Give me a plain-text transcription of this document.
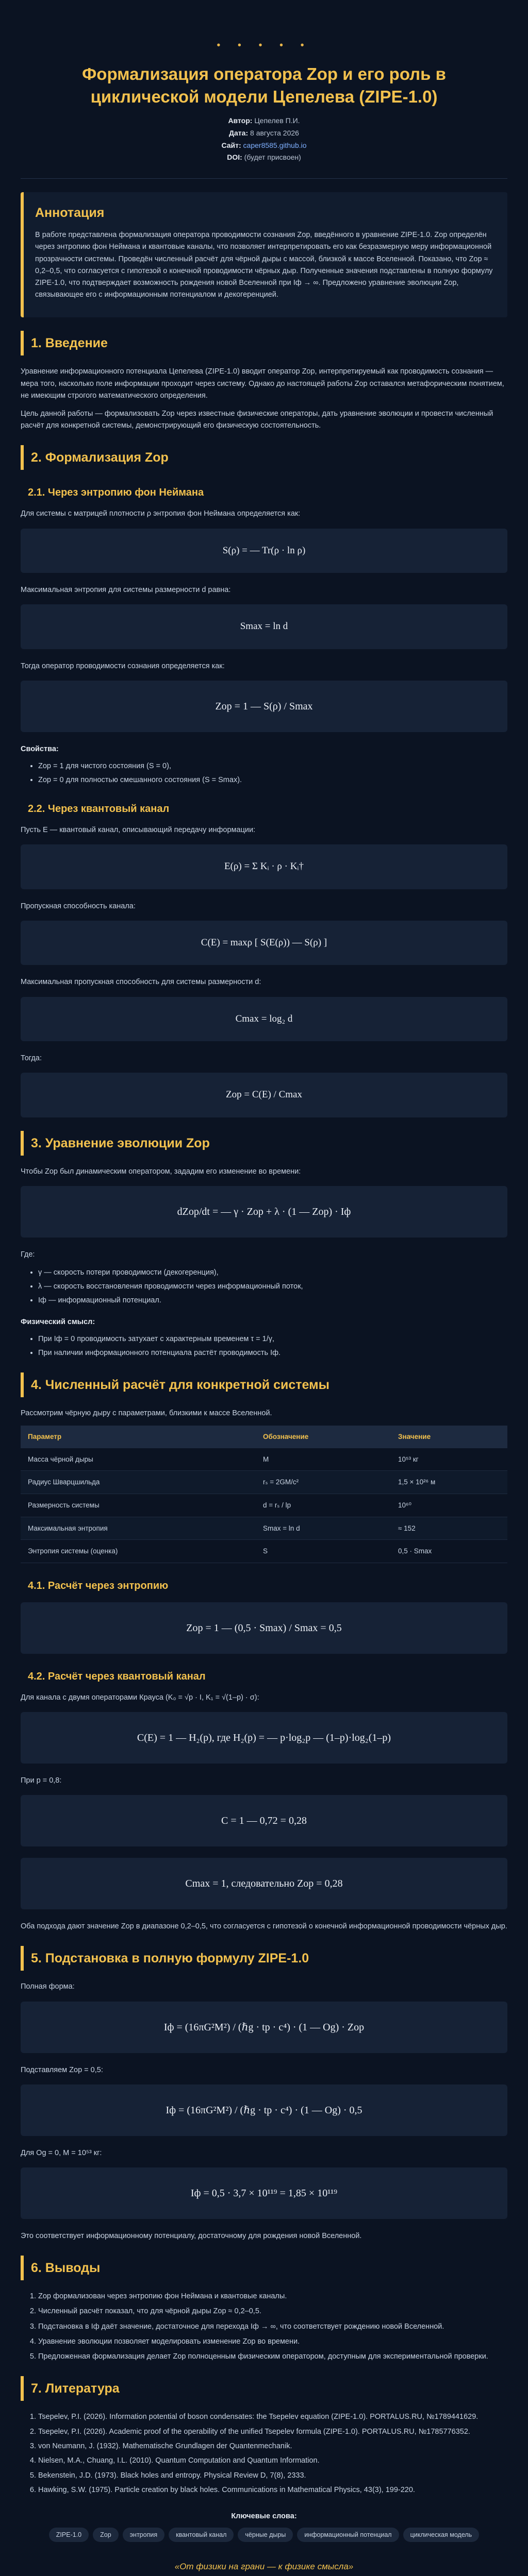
• • • • •
Формализация оператора Zop и его роль в циклической модели Цепелева (ZIPE-1.0)
Автор: Цепелев П.И.
Дата: 8 августа 2026
Сайт: caper8585.github.io
DOI: (будет присвоен)
Аннотация

В работе представлена формализация оператора проводимости сознания Zop, введённого в уравнение ZIPE-1.0. Zop определён через энтропию фон Неймана и квантовые каналы, что позволяет интерпретировать его как безразмерную меру информационной прозрачности системы. Проведён численный расчёт для чёрной дыры с массой, близкой к массе Вселенной. Показано, что Zop ≈ 0,2–0,5, что согласуется с гипотезой о конечной проводимости чёрных дыр. Полученные значения подставлены в полную формулу ZIPE-1.0, что подтверждает возможность рождения новой Вселенной при Iф → ∞. Предложено уравнение эволюции Zop, связывающее его с информационным потенциалом и декогеренцией.

1. Введение

Уравнение информационного потенциала Цепелева (ZIPE-1.0) вводит оператор Zop, интерпретируемый как проводимость сознания — мера того, насколько поле информации проходит через систему. Однако до настоящей работы Zop оставался метафорическим понятием, не имеющим строгого математического определения.

Цель данной работы — формализовать Zop через известные физические операторы, дать уравнение эволюции и провести численный расчёт для конкретной системы, демонстрирующий его физическую состоятельность.

2. Формализация Zop
2.1. Через энтропию фон Неймана

Для системы с матрицей плотности ρ энтропия фон Неймана определяется как:

S(ρ) = — Tr(ρ · ln ρ)

Максимальная энтропия для системы размерности d равна:

Smax = ln d

Тогда оператор проводимости сознания определяется как:

Zop = 1 — S(ρ) / Smax
Свойства:
• Zop = 1 для чистого состояния (S = 0),
• Zop = 0 для полностью смешанного состояния (S = Smax).
2.2. Через квантовый канал

Пусть Ε — квантовый канал, описывающий передачу информации:

Ε(ρ) = Σ Kᵢ · ρ · Kᵢ†

Пропускная способность канала:

C(Ε) = maxρ [ S(Ε(ρ)) — S(ρ) ]

Максимальная пропускная способность для системы размерности d:

Cmax = log₂ d

Тогда:

Zop = C(Ε) / Cmax
3. Уравнение эволюции Zop

Чтобы Zop был динамическим оператором, зададим его изменение во времени:

dZop/dt = — γ · Zop + λ · (1 — Zop) · Iф

Где:

• γ — скорость потери проводимости (декогеренция),
• λ — скорость восстановления проводимости через информационный поток,
• Iф — информационный потенциал.
Физический смысл:
• При Iф = 0 проводимость затухает с характерным временем τ = 1/γ,
• При наличии информационного потенциала растёт проводимость Iф.
4. Численный расчёт для конкретной системы

Рассмотрим чёрную дыру с параметрами, близкими к массе Вселенной.

Параметр	Обозначение	Значение
Масса чёрной дыры	M	10⁵³ кг
Радиус Шварцшильда	rₛ = 2GM/c²	1,5 × 10²⁶ м
Размерность системы	d = rₛ / lp	10⁶⁰
Максимальная энтропия	Smax = ln d	≈ 152
Энтропия системы (оценка)	S	0,5 · Smax
4.1. Расчёт через энтропию
Zop = 1 — (0,5 · Smax) / Smax = 0,5
4.2. Расчёт через квантовый канал

Для канала с двумя операторами Крауса (K₀ = √p · I, K₁ = √(1–p) · σ):

C(Ε) = 1 — H₂(p), где H₂(p) = — p·log₂p — (1–p)·log₂(1–p)

При p = 0,8:

C = 1 — 0,72 = 0,28
Cmax = 1, следовательно Zop = 0,28

Оба подхода дают значение Zop в диапазоне 0,2–0,5, что согласуется с гипотезой о конечной информационной проводимости чёрных дыр.

5. Подстановка в полную формулу ZIPE-1.0

Полная форма:

Iф = (16πG²M²) / (ℏg · tp · c⁴) · (1 — Og) · Zop

Подставляем Zop = 0,5:

Iф = (16πG²M²) / (ℏg · tp · c⁴) · (1 — Og) · 0,5

Для Og = 0, M = 10⁵³ кг:

Iф = 0,5 · 3,7 × 10¹¹⁹ = 1,85 × 10¹¹⁹

Это соответствует информационному потенциалу, достаточному для рождения новой Вселенной.

6. Выводы
1. Zop формализован через энтропию фон Неймана и квантовые каналы.
2. Численный расчёт показал, что для чёрной дыры Zop ≈ 0,2–0,5.
3. Подстановка в Iф даёт значение, достаточное для перехода Iф → ∞, что соответствует рождению новой Вселенной.
4. Уравнение эволюции позволяет моделировать изменение Zop во времени.
5. Предложенная формализация делает Zop полноценным физическим оператором, доступным для экспериментальной проверки.
7. Литература
1. Tsepelev, P.I. (2026). Information potential of boson condensates: the Tsepelev equation (ZIPE-1.0). PORTALUS.RU, №1789441629.
2. Tsepelev, P.I. (2026). Academic proof of the operability of the unified Tsepelev formula (ZIPE-1.0). PORTALUS.RU, №1785776352.
3. von Neumann, J. (1932). Mathematische Grundlagen der Quantenmechanik.
4. Nielsen, M.A., Chuang, I.L. (2010). Quantum Computation and Quantum Information.
5. Bekenstein, J.D. (1973). Black holes and entropy. Physical Review D, 7(8), 2333.
6. Hawking, S.W. (1975). Particle creation by black holes. Communications in Mathematical Physics, 43(3), 199-220.
Ключевые слова:
ZIPE-1.0	Zop	энтропия	квантовый канал	чёрные дыры	информационный потенциал	циклическая модель
«От физики на грани — к физике смысла»
